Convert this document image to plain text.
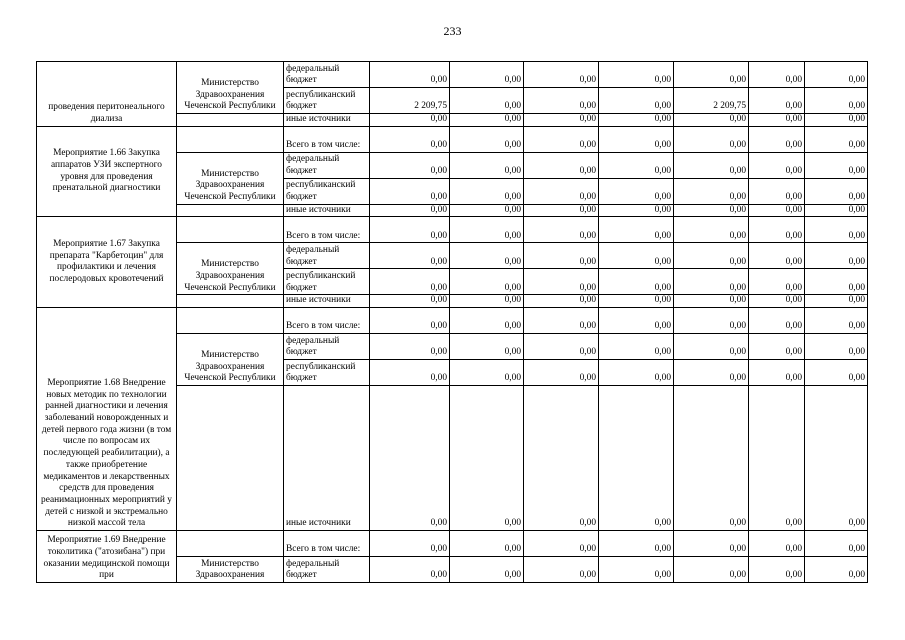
233
проведения перитонеального диализа	Министерство Здравоохранения Чеченской Республики	федеральный бюджет	0,00	0,00	0,00	0,00	0,00	0,00	0,00
		республиканский бюджет	2 209,75	0,00	0,00	0,00	2 209,75	0,00	0,00
		иные источники	0,00	0,00	0,00	0,00	0,00	0,00	0,00
Мероприятие 1.66 Закупка аппаратов УЗИ экспертного уровня для проведения пренатальной диагностики		Всего в том числе:	0,00	0,00	0,00	0,00	0,00	0,00	0,00
	Министерство Здравоохранения Чеченской Республики	федеральный бюджет	0,00	0,00	0,00	0,00	0,00	0,00	0,00
		республиканский бюджет	0,00	0,00	0,00	0,00	0,00	0,00	0,00
		иные источники	0,00	0,00	0,00	0,00	0,00	0,00	0,00
Мероприятие 1.67 Закупка препарата "Карбетоцин" для профилактики и лечения послеродовых кровотечений		Всего в том числе:	0,00	0,00	0,00	0,00	0,00	0,00	0,00
	Министерство Здравоохранения Чеченской Республики	федеральный бюджет	0,00	0,00	0,00	0,00	0,00	0,00	0,00
		республиканский бюджет	0,00	0,00	0,00	0,00	0,00	0,00	0,00
		иные источники	0,00	0,00	0,00	0,00	0,00	0,00	0,00
Мероприятие 1.68 Внедрение новых методик по технологии ранней диагностики и лечения заболеваний новорожденных и детей первого года жизни (в том числе по вопросам их последующей реабилитации), а также приобретение медикаментов и лекарственных средств для проведения реанимационных мероприятий у детей с низкой и экстремально низкой массой тела		Всего в том числе:	0,00	0,00	0,00	0,00	0,00	0,00	0,00
	Министерство Здравоохранения Чеченской Республики	федеральный бюджет	0,00	0,00	0,00	0,00	0,00	0,00	0,00
		республиканский бюджет	0,00	0,00	0,00	0,00	0,00	0,00	0,00
		иные источники	0,00	0,00	0,00	0,00	0,00	0,00	0,00
Мероприятие 1.69 Внедрение токолитика ("атозибана") при оказании медицинской помощи при		Всего в том числе:	0,00	0,00	0,00	0,00	0,00	0,00	0,00
	Министерство Здравоохранения	федеральный бюджет	0,00	0,00	0,00	0,00	0,00	0,00	0,00
